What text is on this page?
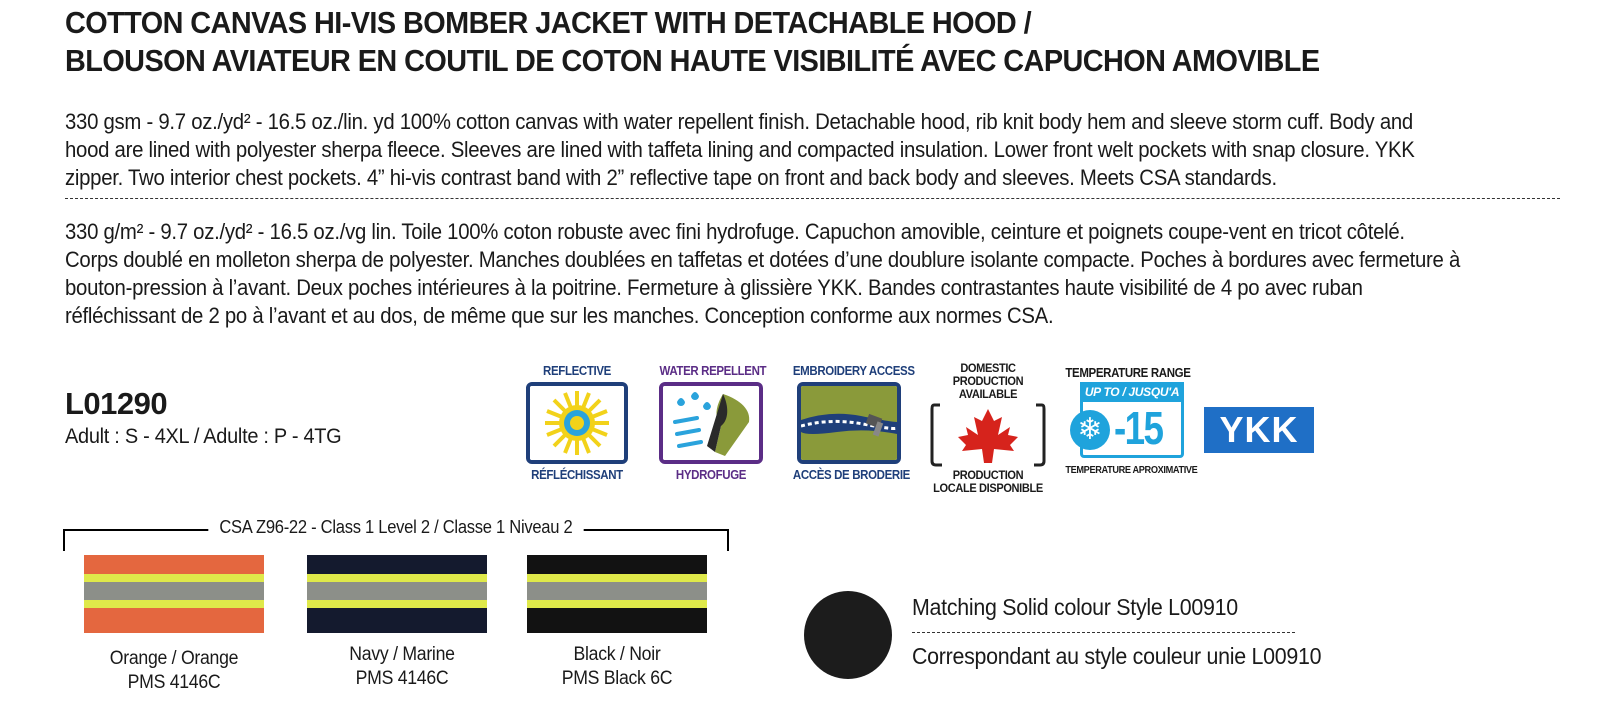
COTTON CANVAS HI-VIS BOMBER JACKET WITH DETACHABLE HOOD /
BLOUSON AVIATEUR EN COUTIL DE COTON HAUTE VISIBILITÉ AVEC CAPUCHON AMOVIBLE

330 gsm - 9.7 oz./yd² - 16.5 oz./lin. yd 100% cotton canvas with water repellent finish. Detachable hood, rib knit body hem and sleeve storm cuff. Body and hood are lined with polyester sherpa fleece. Sleeves are lined with taffeta lining and compacted insulation. Lower front welt pockets with snap closure. YKK zipper. Two interior chest pockets. 4” hi-vis contrast band with 2” reflective tape on front and back body and sleeves. Meets CSA standards.

330 g/m² - 9.7 oz./yd² - 16.5 oz./vg lin. Toile 100% coton robuste avec fini hydrofuge. Capuchon amovible, ceinture et poignets coupe-vent en tricot côtelé. Corps doublé en molleton sherpa de polyester. Manches doublées en taffetas et dotées d’une doublure isolante compacte. Poches à bordures avec fermeture à bouton-pression à l’avant. Deux poches intérieures à la poitrine. Fermeture à glissière YKK. Bandes contrastantes haute visibilité de 4 po avec ruban réfléchissant de 2 po à l’avant et au dos, de même que sur les manches. Conception conforme aux normes CSA.

L01290
Adult : S - 4XL / Adulte : P - 4TG
REFLECTIVE
RÉFLÉCHISSANT
WATER REPELLENT
HYDROFUGE
EMBROIDERY ACCESS
ACCÈS DE BRODERIE
DOMESTIC PRODUCTION AVAILABLE
PRODUCTION LOCALE DISPONIBLE
TEMPERATURE RANGE
UP TO / JUSQU'A
❄ -15
TEMPERATURE APROXIMATIVE
YKK
CSA Z96-22 - Class 1 Level 2 / Classe 1 Niveau 2
Orange / Orange
PMS 4146C
Navy / Marine
PMS 4146C
Black / Noir
PMS Black 6C
Matching Solid colour Style L00910
Correspondant au style couleur unie L00910
